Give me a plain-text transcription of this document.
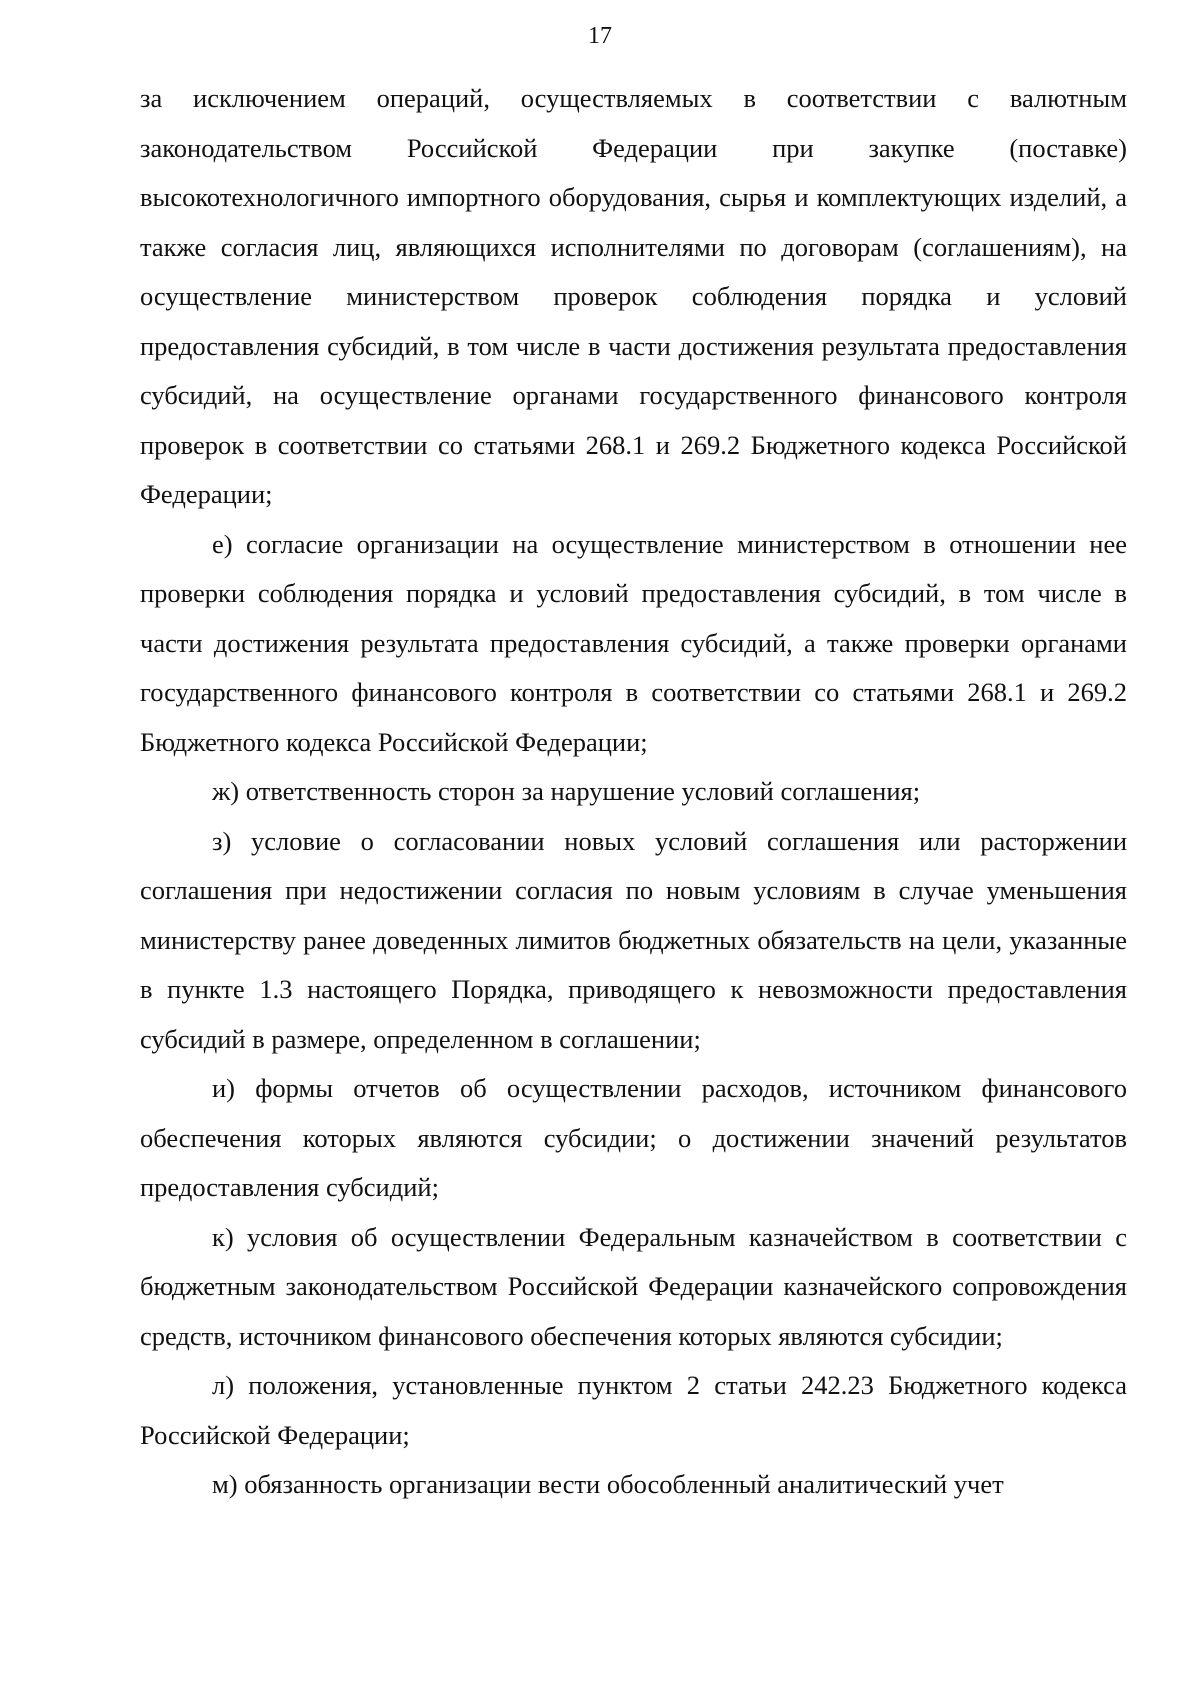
17

за исключением операций, осуществляемых в соответствии с валютным законодательством Российской Федерации при закупке (поставке) высокотехнологичного импортного оборудования, сырья и комплектующих изделий, а также согласия лиц, являющихся исполнителями по договорам (соглашениям), на осуществление министерством проверок соблюдения порядка и условий предоставления субсидий, в том числе в части достижения результата предоставления субсидий, на осуществление органами государственного финансового контроля проверок в соответствии со статьями 268.1 и 269.2 Бюджетного кодекса Российской Федерации;

е) согласие организации на осуществление министерством в отношении нее проверки соблюдения порядка и условий предоставления субсидий, в том числе в части достижения результата предоставления субсидий, а также проверки органами государственного финансового контроля в соответствии со статьями 268.1 и 269.2 Бюджетного кодекса Российской Федерации;

ж) ответственность сторон за нарушение условий соглашения;

з) условие о согласовании новых условий соглашения или расторжении соглашения при недостижении согласия по новым условиям в случае уменьшения министерству ранее доведенных лимитов бюджетных обязательств на цели, указанные в пункте 1.3 настоящего Порядка, приводящего к невозможности предоставления субсидий в размере, определенном в соглашении;

и) формы отчетов об осуществлении расходов, источником финансового обеспечения которых являются субсидии; о достижении значений результатов предоставления субсидий;

к) условия об осуществлении Федеральным казначейством в соответствии с бюджетным законодательством Российской Федерации казначейского сопровождения средств, источником финансового обеспечения которых являются субсидии;

л) положения, установленные пунктом 2 статьи 242.23 Бюджетного кодекса Российской Федерации;

м) обязанность организации вести обособленный аналитический учет
